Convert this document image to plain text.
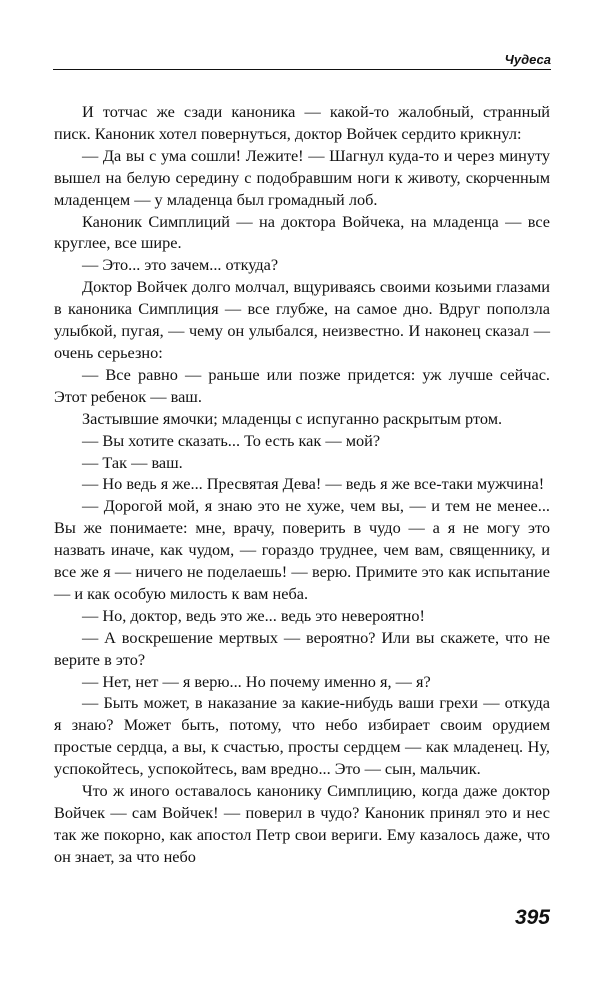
Чудеса

И тотчас же сзади каноника — какой-то жалобный, странный писк. Каноник хотел повернуться, доктор Войчек сердито крикнул:

— Да вы с ума сошли! Лежите! — Шагнул куда-то и через минуту вышел на белую середину с подобравшим ноги к животу, скорченным младенцем — у младенца был громадный лоб.

Каноник Симплиций — на доктора Войчека, на младенца — все круглее, все шире.

— Это... это зачем... откуда?

Доктор Войчек долго молчал, вщуриваясь своими козьими глазами в каноника Симплиция — все глубже, на самое дно. Вдруг поползла улыбкой, пугая, — чему он улыбался, неизвестно. И наконец сказал — очень серьезно:

— Все равно — раньше или позже придется: уж лучше сейчас. Этот ребенок — ваш.

Застывшие ямочки; младенцы с испуганно раскрытым ртом.

— Вы хотите сказать... То есть как — мой?

— Так — ваш.

— Но ведь я же... Пресвятая Дева! — ведь я же все-таки мужчина!

— Дорогой мой, я знаю это не хуже, чем вы, — и тем не менее... Вы же понимаете: мне, врачу, поверить в чудо — а я не могу это назвать иначе, как чудом, — гораздо труднее, чем вам, священнику, и все же я — ничего не поделаешь! — верю. Примите это как испытание — и как особую милость к вам неба.

— Но, доктор, ведь это же... ведь это невероятно!

— А воскрешение мертвых — вероятно? Или вы скажете, что не верите в это?

— Нет, нет — я верю... Но почему именно я, — я?

— Быть может, в наказание за какие-нибудь ваши грехи — откуда я знаю? Может быть, потому, что небо избирает своим орудием простые сердца, а вы, к счастью, просты сердцем — как младенец. Ну, успокойтесь, успокойтесь, вам вредно... Это — сын, мальчик.

Что ж иного оставалось канонику Симплицию, когда даже доктор Войчек — сам Войчек! — поверил в чудо? Каноник принял это и нес так же покорно, как апостол Петр свои вериги. Ему казалось даже, что он знает, за что небо

395
